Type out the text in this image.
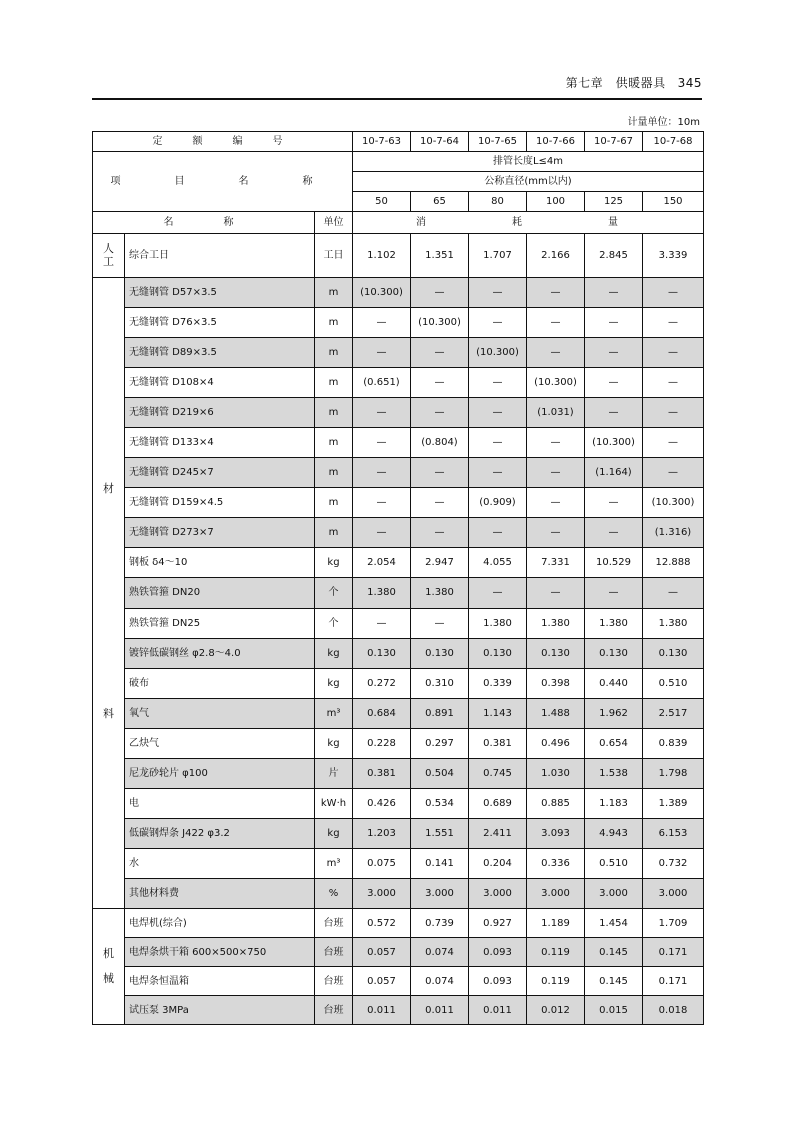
第七章　供暖器具 345
计量单位：10m
定　额　编　号			10-7-63	10-7-64	10-7-65	10-7-66	10-7-67	10-7-68
项　目　名　称			排管长度L≤4m					
			公称直径(mm以内)					
			50	65	80	100	125	150
名　　称		单位	消　　耗　　量					

人
工	综合工日	工日	1.102	1.351	1.707	2.166	2.845	3.339

材
料	无缝钢管 D57×3.5	m	(10.300)	—	—	—	—	—
	无缝钢管 D76×3.5	m	—	(10.300)	—	—	—	—
	无缝钢管 D89×3.5	m	—	—	(10.300)	—	—	—
	无缝钢管 D108×4	m	(0.651)	—	—	(10.300)	—	—
	无缝钢管 D219×6	m	—	—	—	(1.031)	—	—
	无缝钢管 D133×4	m	—	(0.804)	—	—	(10.300)	—
	无缝钢管 D245×7	m	—	—	—	—	(1.164)	—
	无缝钢管 D159×4.5	m	—	—	(0.909)	—	—	(10.300)
	无缝钢管 D273×7	m	—	—	—	—	—	(1.316)
	钢板 δ4～10	kg	2.054	2.947	4.055	7.331	10.529	12.888
	熟铁管箍 DN20	个	1.380	1.380	—	—	—	—
	熟铁管箍 DN25	个	—	—	1.380	1.380	1.380	1.380
	镀锌低碳钢丝 φ2.8～4.0	kg	0.130	0.130	0.130	0.130	0.130	0.130
	破布	kg	0.272	0.310	0.339	0.398	0.440	0.510
	氧气	m³	0.684	0.891	1.143	1.488	1.962	2.517
	乙炔气	kg	0.228	0.297	0.381	0.496	0.654	0.839
	尼龙砂轮片 φ100	片	0.381	0.504	0.745	1.030	1.538	1.798
	电	kW·h	0.426	0.534	0.689	0.885	1.183	1.389
	低碳钢焊条 J422 φ3.2	kg	1.203	1.551	2.411	3.093	4.943	6.153
	水	m³	0.075	0.141	0.204	0.336	0.510	0.732
	其他材料费	%	3.000	3.000	3.000	3.000	3.000	3.000

机
械	电焊机(综合)	台班	0.572	0.739	0.927	1.189	1.454	1.709
	电焊条烘干箱 600×500×750	台班	0.057	0.074	0.093	0.119	0.145	0.171
	电焊条恒温箱	台班	0.057	0.074	0.093	0.119	0.145	0.171
	试压泵 3MPa	台班	0.011	0.011	0.011	0.012	0.015	0.018
